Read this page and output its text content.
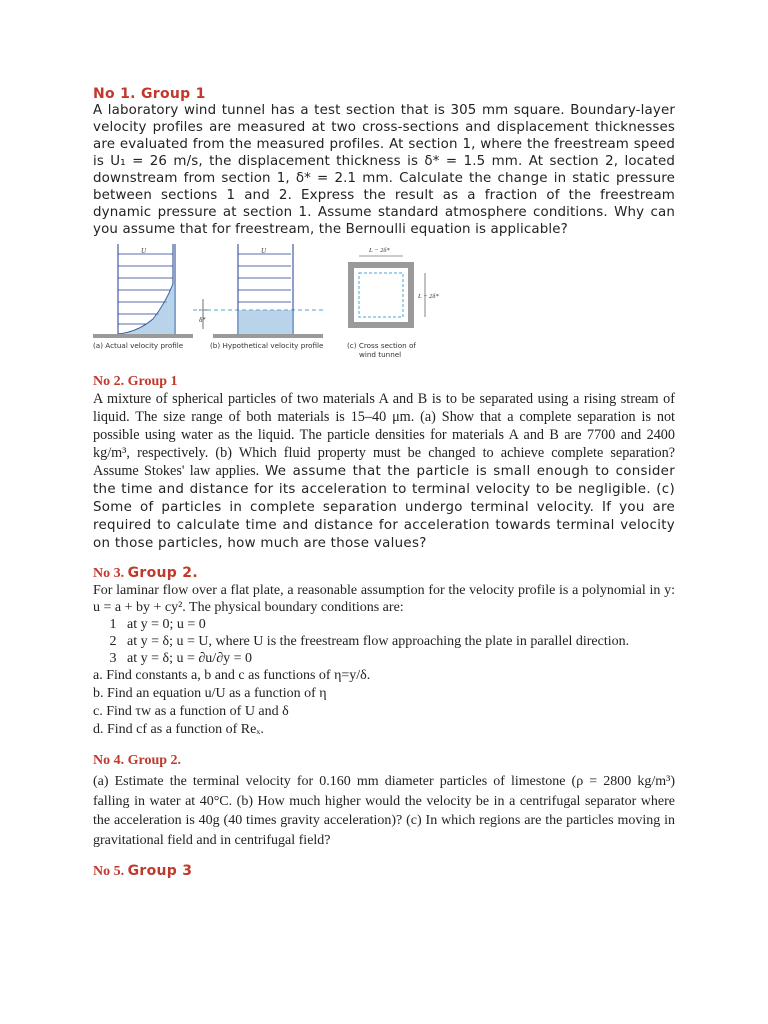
No 1. Group 1

A laboratory wind tunnel has a test section that is 305 mm square. Boundary-layer velocity profiles are measured at two cross-sections and displacement thicknesses are evaluated from the measured profiles. At section 1, where the freestream speed is U₁ = 26 m/s, the displacement thickness is δ* = 1.5 mm. At section 2, located downstream from section 1, δ* = 2.1 mm. Calculate the change in static pressure between sections 1 and 2. Express the result as a fraction of the freestream dynamic pressure at section 1. Assume standard atmosphere conditions. Why can you assume that for freestream, the Bernoulli equation is applicable?

U
δ*
U	L − 2δ*
L − 2δ*
(a) Actual velocity profile	(b) Hypothetical velocity profile	(c) Cross section of
wind tunnel

No 2. Group 1

A mixture of spherical particles of two materials A and B is to be separated using a rising stream of liquid. The size range of both materials is 15–40 μm. (a) Show that a complete separation is not possible using water as the liquid. The particle densities for materials A and B are 7700 and 2400 kg/m³, respectively. (b) Which fluid property must be changed to achieve complete separation? Assume Stokes' law applies. We assume that the particle is small enough to consider the time and distance for its acceleration to terminal velocity to be negligible. (c) Some of particles in complete separation undergo terminal velocity. If you are required to calculate time and distance for acceleration towards terminal velocity on those particles, how much are those values?

No 3. Group 2.

For laminar flow over a flat plate, a reasonable assumption for the velocity profile is a polynomial in y: u = a + by + cy². The physical boundary conditions are:

1 at y = 0; u = 0
2 at y = δ; u = U, where U is the freestream flow approaching the plate in parallel direction.
3 at y = δ; u = ∂u/∂y = 0
a. Find constants a, b and c as functions of η=y/δ.
b. Find an equation u/U as a function of η
c. Find τw as a function of U and δ
d. Find cf as a function of Reₓ.

No 4. Group 2.

(a) Estimate the terminal velocity for 0.160 mm diameter particles of limestone (ρ = 2800 kg/m³) falling in water at 40°C. (b) How much higher would the velocity be in a centrifugal separator where the acceleration is 40g (40 times gravity acceleration)? (c) In which regions are the particles moving in gravitational field and in centrifugal field?

No 5. Group 3
